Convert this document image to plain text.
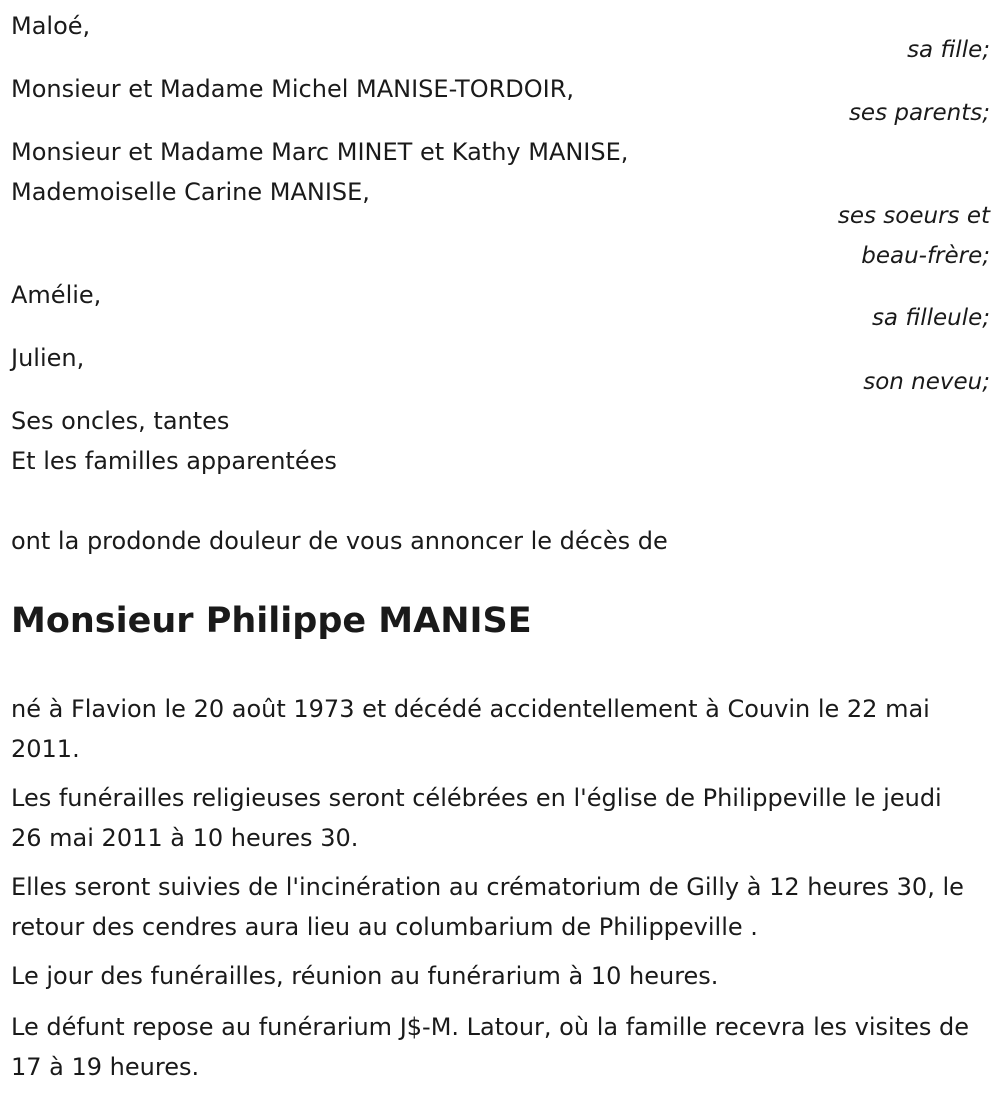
Maloé,
sa fille;
Monsieur et Madame Michel MANISE-TORDOIR,
ses parents;
Monsieur et Madame Marc MINET et Kathy MANISE,
Mademoiselle Carine MANISE,
ses soeurs et
beau-frère;
Amélie,
sa filleule;
Julien,
son neveu;
Ses oncles, tantes
Et les familles apparentées
ont la prodonde douleur de vous annoncer le décès de
Monsieur Philippe MANISE
né à Flavion le 20 août 1973 et décédé accidentellement à Couvin le 22 mai 2011.
Les funérailles religieuses seront célébrées en l'église de Philippeville le jeudi 26 mai 2011 à 10 heures 30.
Elles seront suivies de l'incinération au crématorium de Gilly à 12 heures 30, le retour des cendres aura lieu au columbarium de Philippeville .
Le jour des funérailles, réunion au funérarium à 10 heures.
Le défunt repose au funérarium J$-M. Latour, où la famille recevra les visites de 17 à 19 heures.
